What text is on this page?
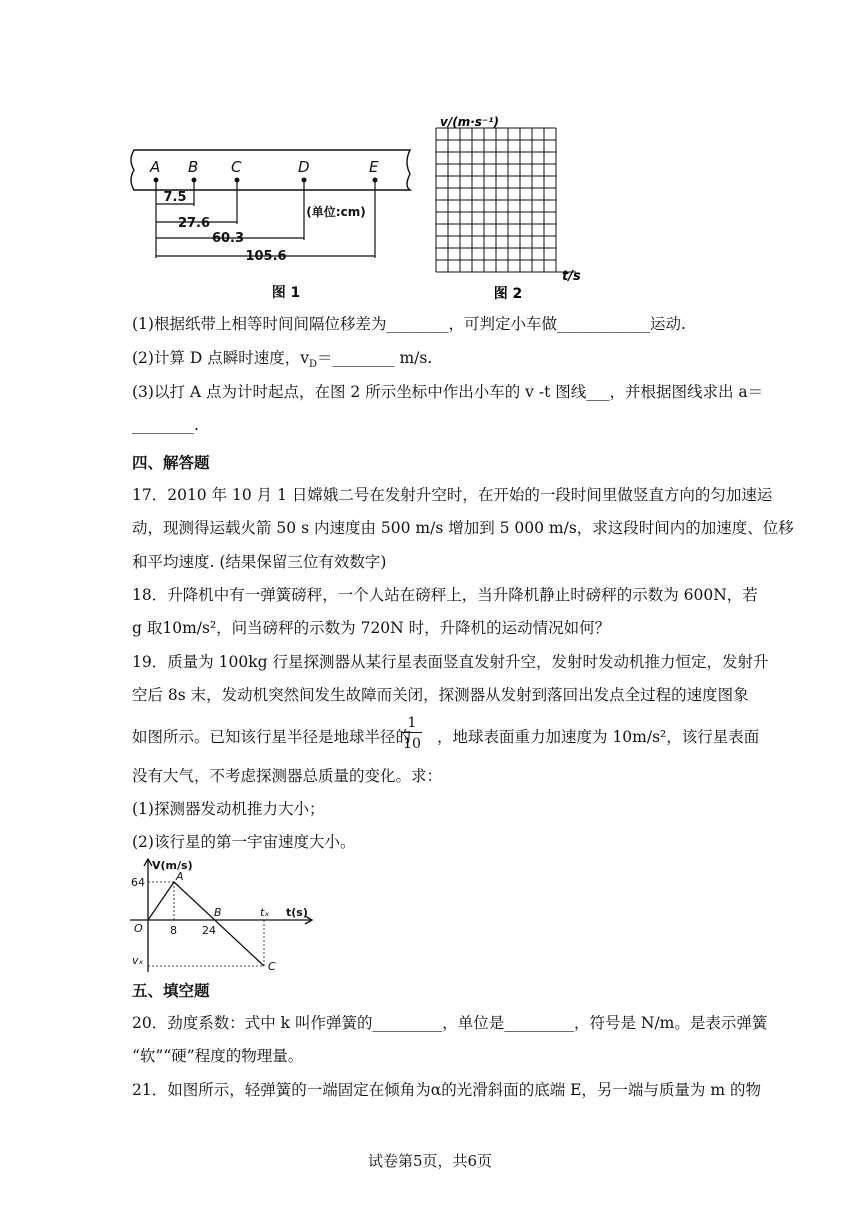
A B C	D	E
7.5
27.6
60.3
105.6
(单位:cm)
图 1
v/(m·s⁻¹)
t/s
图 2
(1)根据纸带上相等时间间隔位移差为________，可判定小车做____________运动.
(2)计算 D 点瞬时速度，$v_D=\_\_\_\_\_\_\_\_$ m/s.
(3)以打 A 点为计时起点，在图 2 所示坐标中作出小车的 v -t 图线___，并根据图线求出 a＝
________.
四、解答题
17．2010 年 10 月 1 日嫦娥二号在发射升空时，在开始的一段时间里做竖直方向的匀加速运
动，现测得运载火箭 50 s 内速度由 500 m/s 增加到 5 000 m/s，求这段时间内的加速度、位移
和平均速度. (结果保留三位有效数字)
18．升降机中有一弹簧磅秤，一个人站在磅秤上，当升降机静止时磅秤的示数为 600N，若
g 取10m/s²，问当磅秤的示数为 720N 时，升降机的运动情况如何？
19．质量为 100kg 行星探测器从某行星表面竖直发射升空，发射时发动机推力恒定，发射升
空后 8s 末，发动机突然间发生故障而关闭，探测器从发射到落回出发点全过程的速度图象
如图所示。已知该行星半径是地球半径的 ，地球表面重力加速度为 10m/s²，该行星表面
1
10
没有大气，不考虑探测器总质量的变化。求：
(1)探测器发动机推力大小；
(2)该行星的第一宇宙速度大小。
V(m/s)
64	A
O 8 24
B	tₓ t(s)
vₓ	C
五、填空题
20．劲度系数：式中 k 叫作弹簧的_________，单位是_________，符号是 N/m。是表示弹簧
“软”“硬”程度的物理量。
21．如图所示，轻弹簧的一端固定在倾角为α的光滑斜面的底端 E，另一端与质量为 m 的物
试卷第5页，共6页
